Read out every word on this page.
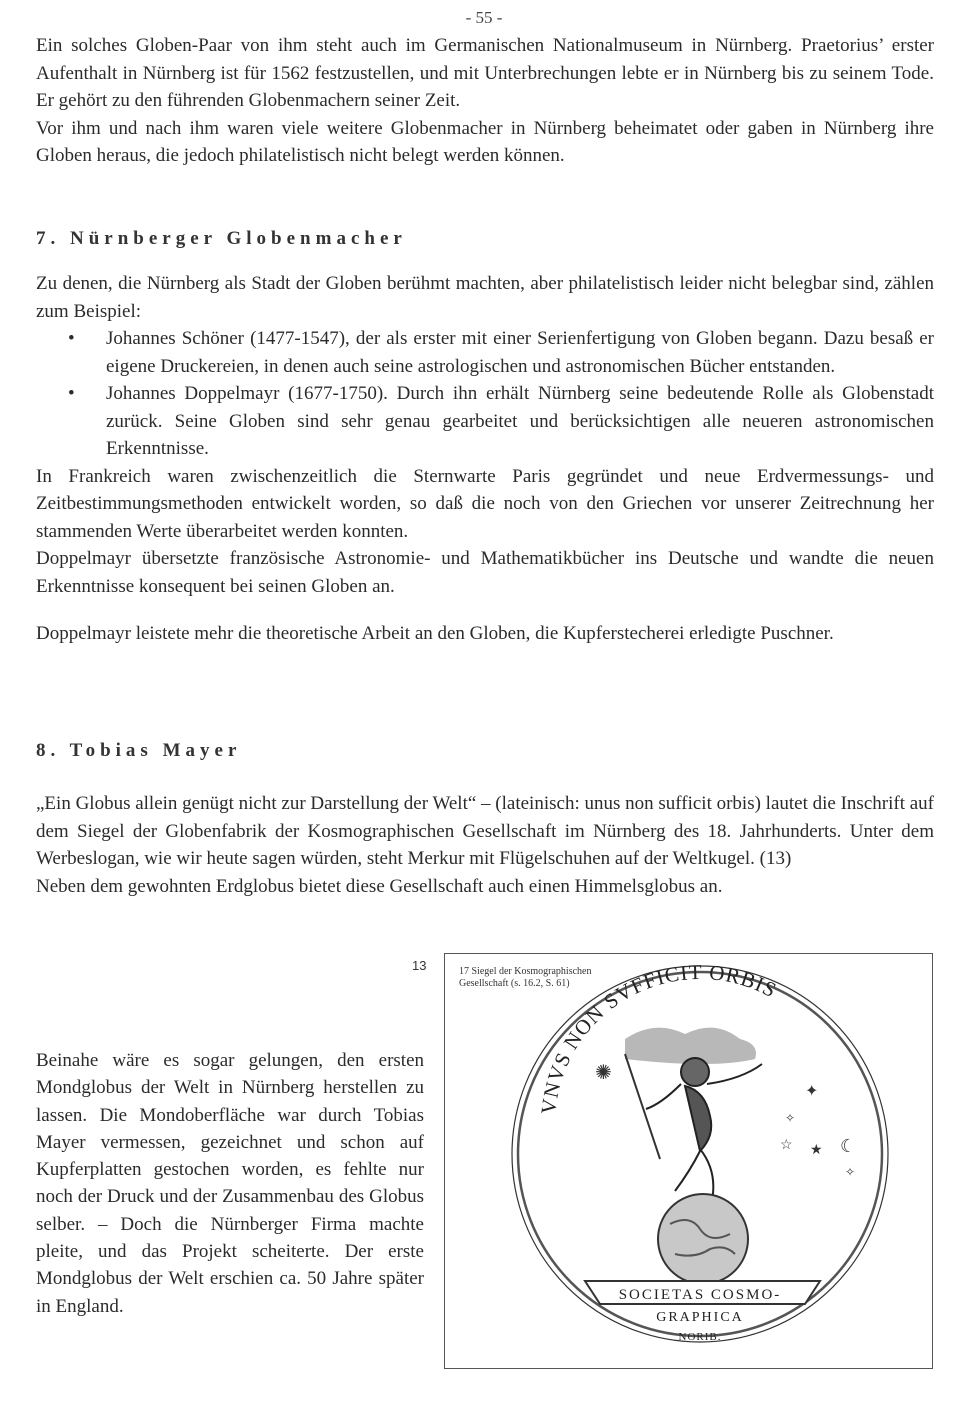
- 55 -

Ein solches Globen-Paar von ihm steht auch im Germanischen Nationalmuseum in Nürnberg. Praetorius’ erster Aufenthalt in Nürnberg ist für 1562 festzustellen, und mit Unterbrechungen lebte er in Nürnberg bis zu seinem Tode. Er gehört zu den führenden Globenmachern seiner Zeit.

Vor ihm und nach ihm waren viele weitere Globenmacher in Nürnberg beheimatet oder gaben in Nürnberg ihre Globen heraus, die jedoch philatelistisch nicht belegt werden können.

7. Nürnberger Globenmacher

Zu denen, die Nürnberg als Stadt der Globen berühmt machten, aber philatelistisch leider nicht belegbar sind, zählen zum Beispiel:

• Johannes Schöner (1477-1547), der als erster mit einer Serienfertigung von Globen begann. Dazu besaß er eigene Druckereien, in denen auch seine astrologischen und astronomischen Bücher entstanden.
• Johannes Doppelmayr (1677-1750). Durch ihn erhält Nürnberg seine bedeutende Rolle als Globenstadt zurück. Seine Globen sind sehr genau gearbeitet und berücksichtigen alle neueren astronomischen Erkenntnisse.

In Frankreich waren zwischenzeitlich die Sternwarte Paris gegründet und neue Erdvermessungs- und Zeitbestimmungsmethoden entwickelt worden, so daß die noch von den Griechen vor unserer Zeitrechnung her stammenden Werte überarbeitet werden konnten.

Doppelmayr übersetzte französische Astronomie- und Mathematikbücher ins Deutsche und wandte die neuen Erkenntnisse konsequent bei seinen Globen an.

Doppelmayr leistete mehr die theoretische Arbeit an den Globen, die Kupferstecherei erledigte Puschner.

8. Tobias Mayer

„Ein Globus allein genügt nicht zur Darstellung der Welt“ – (lateinisch: unus non sufficit orbis) lautet die Inschrift auf dem Siegel der Globenfabrik der Kosmographischen Gesellschaft im Nürnberg des 18. Jahrhunderts. Unter dem Werbeslogan, wie wir heute sagen würden, steht Merkur mit Flügelschuhen auf der Weltkugel. (13)

Neben dem gewohnten Erdglobus bietet diese Gesellschaft auch einen Himmelsglobus an.

13

Beinahe wäre es sogar gelungen, den ersten Mondglobus der Welt in Nürnberg herstellen zu lassen. Die Mondoberfläche war durch Tobias Mayer vermessen, gezeichnet und schon auf Kupferplatten gestochen worden, es fehlte nur noch der Druck und der Zusammenbau des Globus selber. – Doch die Nürnberger Firma machte pleite, und das Projekt scheiterte. Der erste Mondglobus der Welt erschien ca. 50 Jahre später in England.

17 Siegel der Kosmographischen
Gesellschaft (s. 16.2, S. 61)
VNVS NON SVFFICIT ORBIS
✦
✧
☆ ★ ☾
✧
✺
SOCIETAS COSMO-
GRAPHICA
NORIB.
